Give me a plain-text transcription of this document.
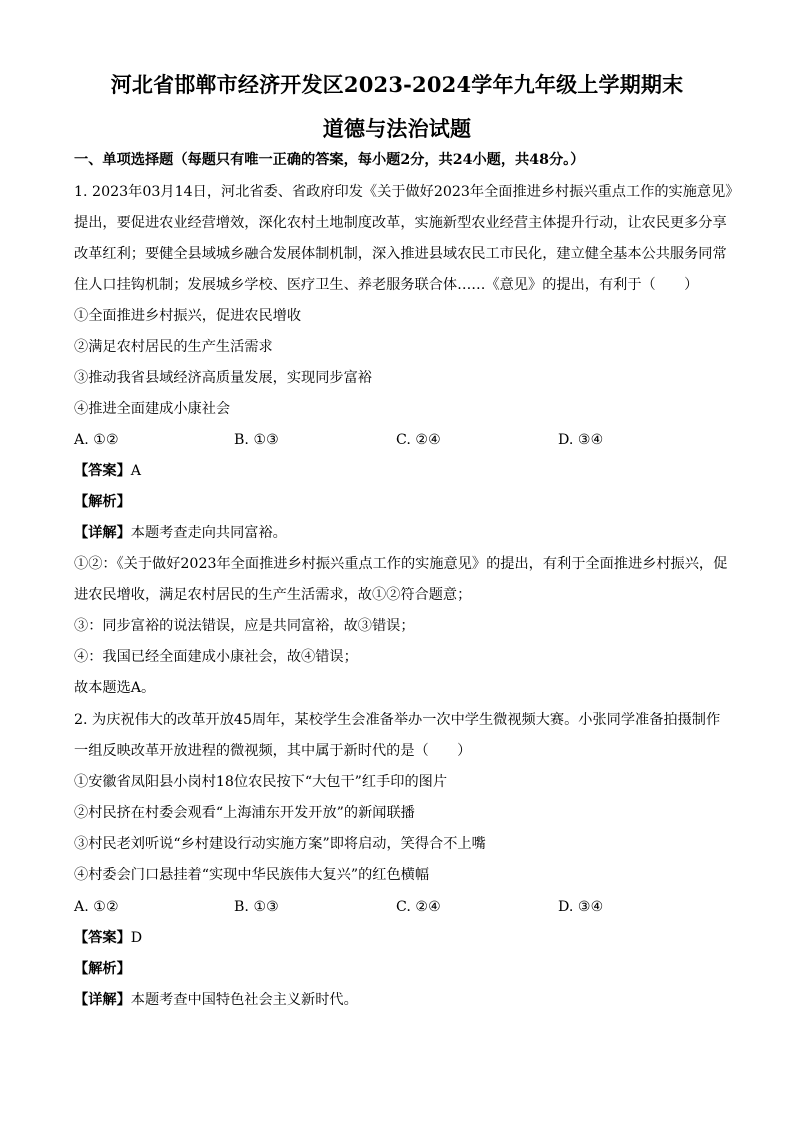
河北省邯郸市经济开发区2023-2024学年九年级上学期期末
道德与法治试题
一、单项选择题（每题只有唯一正确的答案，每小题2分，共24小题，共48分。）
1. 2023年03月14日，河北省委、省政府印发《关于做好2023年全面推进乡村振兴重点工作的实施意见》
提出，要促进农业经营增效，深化农村土地制度改革，实施新型农业经营主体提升行动，让农民更多分享
改革红利；要健全县域城乡融合发展体制机制，深入推进县域农民工市民化，建立健全基本公共服务同常
住人口挂钩机制；发展城乡学校、医疗卫生、养老服务联合体……《意见》的提出，有利于（　　）
①全面推进乡村振兴，促进农民增收
②满足农村居民的生产生活需求
③推动我省县域经济高质量发展，实现同步富裕
④推进全面建成小康社会
A. ①②	B. ①③	C. ②④	D. ③④
【答案】A
【解析】
【详解】本题考查走向共同富裕。
①②：《关于做好2023年全面推进乡村振兴重点工作的实施意见》的提出，有利于全面推进乡村振兴，促
进农民增收，满足农村居民的生产生活需求，故①②符合题意；
③：同步富裕的说法错误，应是共同富裕，故③错误；
④：我国已经全面建成小康社会，故④错误；
故本题选A。
2. 为庆祝伟大的改革开放45周年，某校学生会准备举办一次中学生微视频大赛。小张同学准备拍摄制作
一组反映改革开放进程的微视频，其中属于新时代的是（　　）
①安徽省凤阳县小岗村18位农民按下“大包干”红手印的图片
②村民挤在村委会观看“上海浦东开发开放”的新闻联播
③村民老刘听说“乡村建设行动实施方案”即将启动，笑得合不上嘴
④村委会门口悬挂着“实现中华民族伟大复兴”的红色横幅
A. ①②	B. ①③	C. ②④	D. ③④
【答案】D
【解析】
【详解】本题考查中国特色社会主义新时代。
